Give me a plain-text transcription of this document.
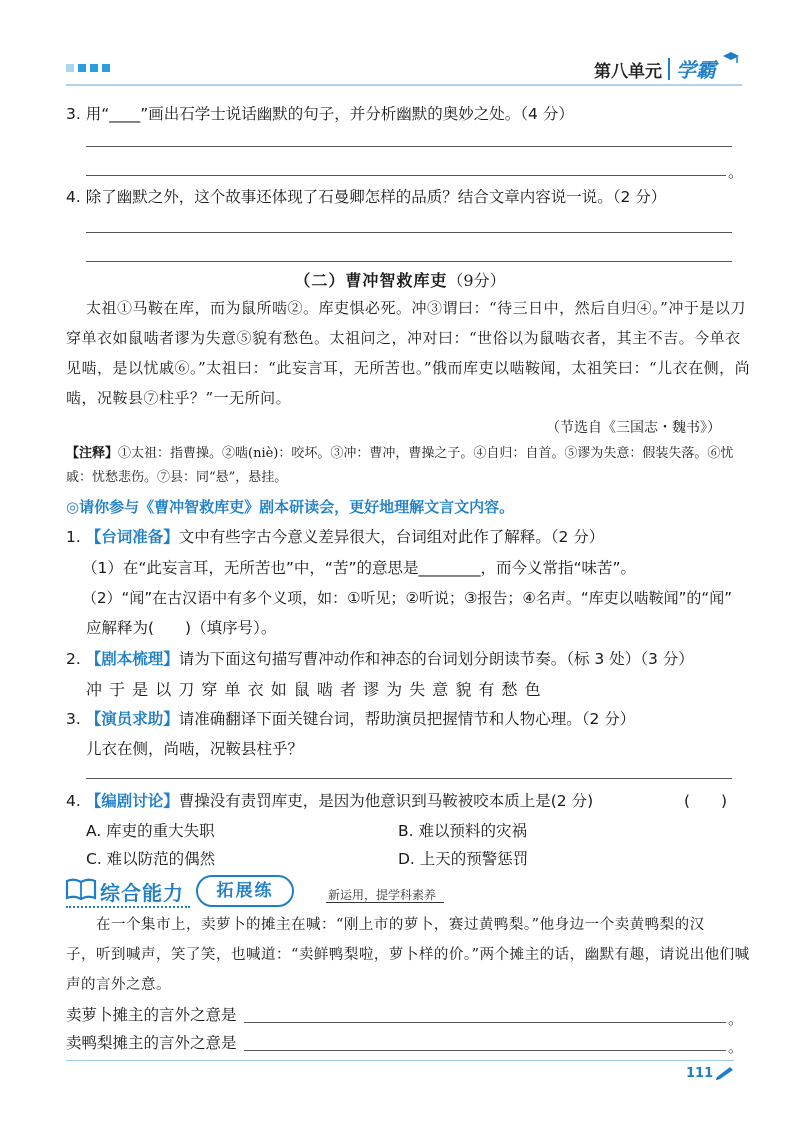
第八单元 学霸
3. 用“____”画出石学士说话幽默的句子，并分析幽默的奥妙之处。（4 分）
。
4. 除了幽默之外，这个故事还体现了石曼卿怎样的品质？结合文章内容说一说。（2 分）
（二）曹冲智救库吏（9分）
太祖①马鞍在库，而为鼠所啮②。库吏惧必死。冲③谓曰：“待三日中，然后自归④。”冲于是以刀
穿单衣如鼠啮者谬为失意⑤貌有愁色。太祖问之，冲对曰：“世俗以为鼠啮衣者，其主不吉。今单衣
见啮，是以忧戚⑥。”太祖曰：“此妄言耳，无所苦也。”俄而库吏以啮鞍闻，太祖笑曰：“儿衣在侧，尚
啮，况鞍县⑦柱乎？”一无所问。
（节选自《三国志・魏书》）
【注释】①太祖：指曹操。②啮(niè)：咬坏。③冲：曹冲，曹操之子。④自归：自首。⑤谬为失意：假装失落。⑥忧
戚：忧愁悲伤。⑦县：同“悬”，悬挂。
◎请你参与《曹冲智救库吏》剧本研读会，更好地理解文言文内容。
1. 【台词准备】文中有些字古今意义差异很大，台词组对此作了解释。（2 分）
（1）在“此妄言耳，无所苦也”中，“苦”的意思是________，而今义常指“味苦”。
（2）“闻”在古汉语中有多个义项，如：①听见；②听说；③报告；④名声。“库吏以啮鞍闻”的“闻”
应解释为(　　)（填序号）。
2. 【剧本梳理】请为下面这句描写曹冲动作和神态的台词划分朗读节奏。（标 3 处）（3 分）
冲 于 是 以 刀 穿 单 衣 如 鼠 啮 者 谬 为 失 意 貌 有 愁 色
3. 【演员求助】请准确翻译下面关键台词，帮助演员把握情节和人物心理。（2 分）
儿衣在侧，尚啮，况鞍县柱乎？
4. 【编剧讨论】曹操没有责罚库吏，是因为他意识到马鞍被咬本质上是(2 分)	(　　)
A. 库吏的重大失职	B. 难以预料的灾祸
C. 难以防范的偶然	D. 上天的预警惩罚
综合能力	拓展练	新运用，提学科素养
在一个集市上，卖萝卜的摊主在喊：“刚上市的萝卜，赛过黄鸭梨。”他身边一个卖黄鸭梨的汉
子，听到喊声，笑了笑，也喊道：“卖鲜鸭梨啦，萝卜样的价。”两个摊主的话，幽默有趣，请说出他们喊
声的言外之意。
卖萝卜摊主的言外之意是	。
卖鸭梨摊主的言外之意是	。
111
